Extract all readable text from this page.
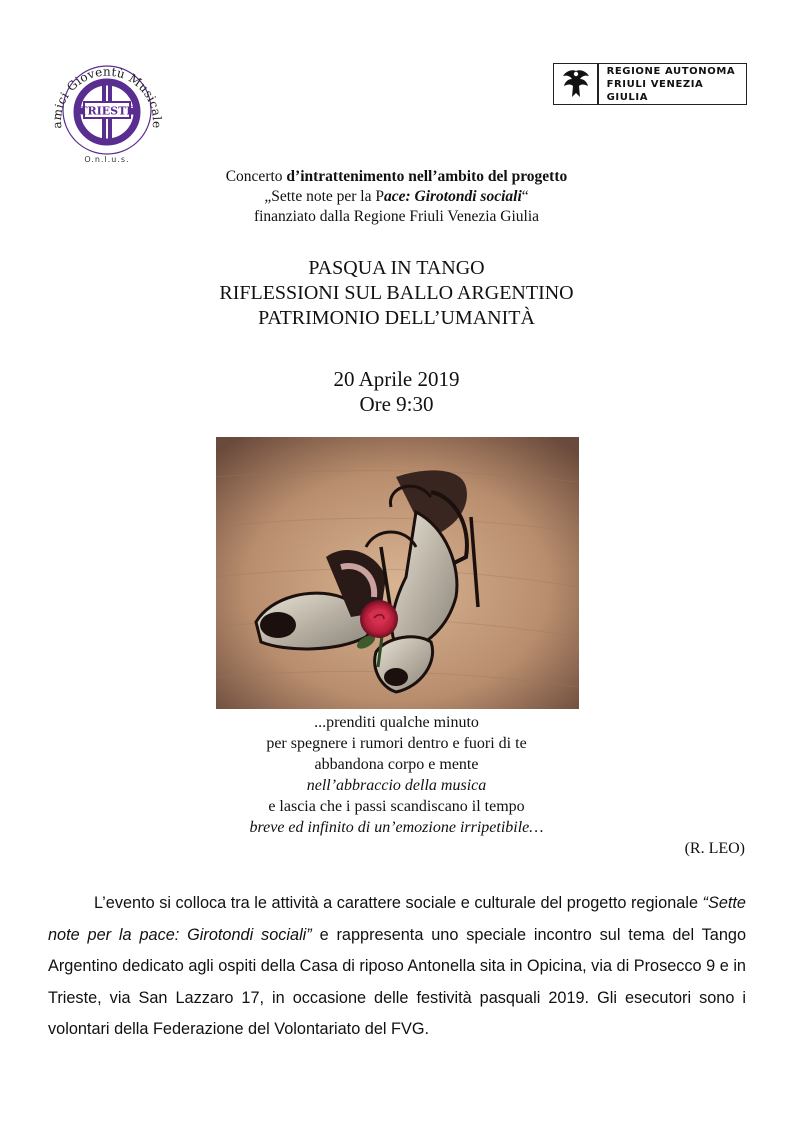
TRIESTE
amici Gioventù Musicale
O.n.l.u.s.
REGIONE AUTONOMA
FRIULI VENEZIA GIULIA
Concerto d’intrattenimento nell’ambito del progetto
„Sette note per la Pace: Girotondi sociali“
finanziato dalla Regione Friuli Venezia Giulia
PASQUA IN TANGO
RIFLESSIONI SUL BALLO ARGENTINO
PATRIMONIO DELL’UMANITÀ
20 Aprile 2019
Ore 9:30
...prenditi qualche minuto
per spegnere i rumori dentro e fuori di te
abbandona corpo e mente
nell’abbraccio della musica
e lascia che i passi scandiscano il tempo
breve ed infinito di un’emozione irripetibile…
(R. LEO)
L’evento si colloca tra le attività a carattere sociale e culturale del progetto regionale “Sette note per la pace: Girotondi sociali” e rappresenta uno speciale incontro sul tema del Tango Argentino dedicato agli ospiti della Casa di riposo Antonella sita in Opicina, via di Prosecco 9 e in Trieste, via San Lazzaro 17, in occasione delle festività pasquali 2019. Gli esecutori sono i volontari della Federazione del Volontariato del FVG.
